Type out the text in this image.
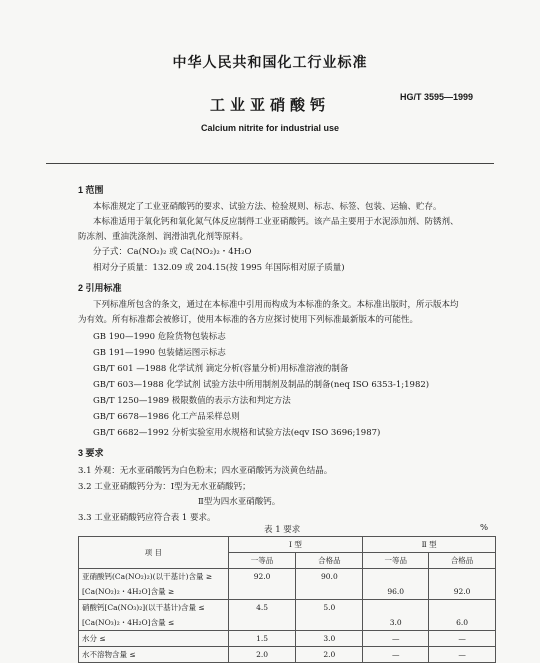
中华人民共和国化工行业标准
HG/T 3595—1999
工业亚硝酸钙
Calcium nitrite for industrial use
1 范围
本标准规定了工业亚硝酸钙的要求、试验方法、检验规则、标志、标签、包装、运输、贮存。
本标准适用于氧化钙和氧化氮气体反应制得工业亚硝酸钙。该产品主要用于水泥添加剂、防锈剂、
防冻剂、重油洗涤剂、润滑油乳化剂等原料。
分子式：Ca(NO₂)₂ 或 Ca(NO₂)₂・4H₂O
相对分子质量：132.09 或 204.15(按 1995 年国际相对原子质量)
2 引用标准
下列标准所包含的条文，通过在本标准中引用而构成为本标准的条文。本标准出版时，所示版本均
为有效。所有标准都会被修订，使用本标准的各方应探讨使用下列标准最新版本的可能性。
GB 190—1990 危险货物包装标志
GB 191—1990 包装储运图示标志
GB/T 601 —1988 化学试剂 滴定分析(容量分析)用标准溶液的制备
GB/T 603—1988 化学试剂 试验方法中所用制剂及制品的制备(neq ISO 6353-1;1982)
GB/T 1250—1989 极限数值的表示方法和判定方法
GB/T 6678—1986 化工产品采样总则
GB/T 6682—1992 分析实验室用水规格和试验方法(eqv ISO 3696;1987)
3 要求
3.1 外观：无水亚硝酸钙为白色粉末；四水亚硝酸钙为淡黄色结晶。
3.2 工业亚硝酸钙分为：Ⅰ型为无水亚硝酸钙；
Ⅱ型为四水亚硝酸钙。
3.3 工业亚硝酸钙应符合表 1 要求。
表 1 要求	%
项 目	Ⅰ 型		Ⅱ 型	
	一等品	合格品	一等品	合格品
亚硝酸钙(Ca(NO₂)₂)(以干基计)含量 ≥	92.0	90.0		
[Ca(NO₂)₂・4H₂O]含量 ≥			96.0	92.0
硝酸钙[Ca(NO₃)₂](以干基计)含量 ≤	4.5	5.0		
[Ca(NO₃)₂・4H₂O]含量 ≤			3.0	6.0
水分 ≤	1.5	3.0	—	—
水不溶物含量 ≤	2.0	2.0	—	—
